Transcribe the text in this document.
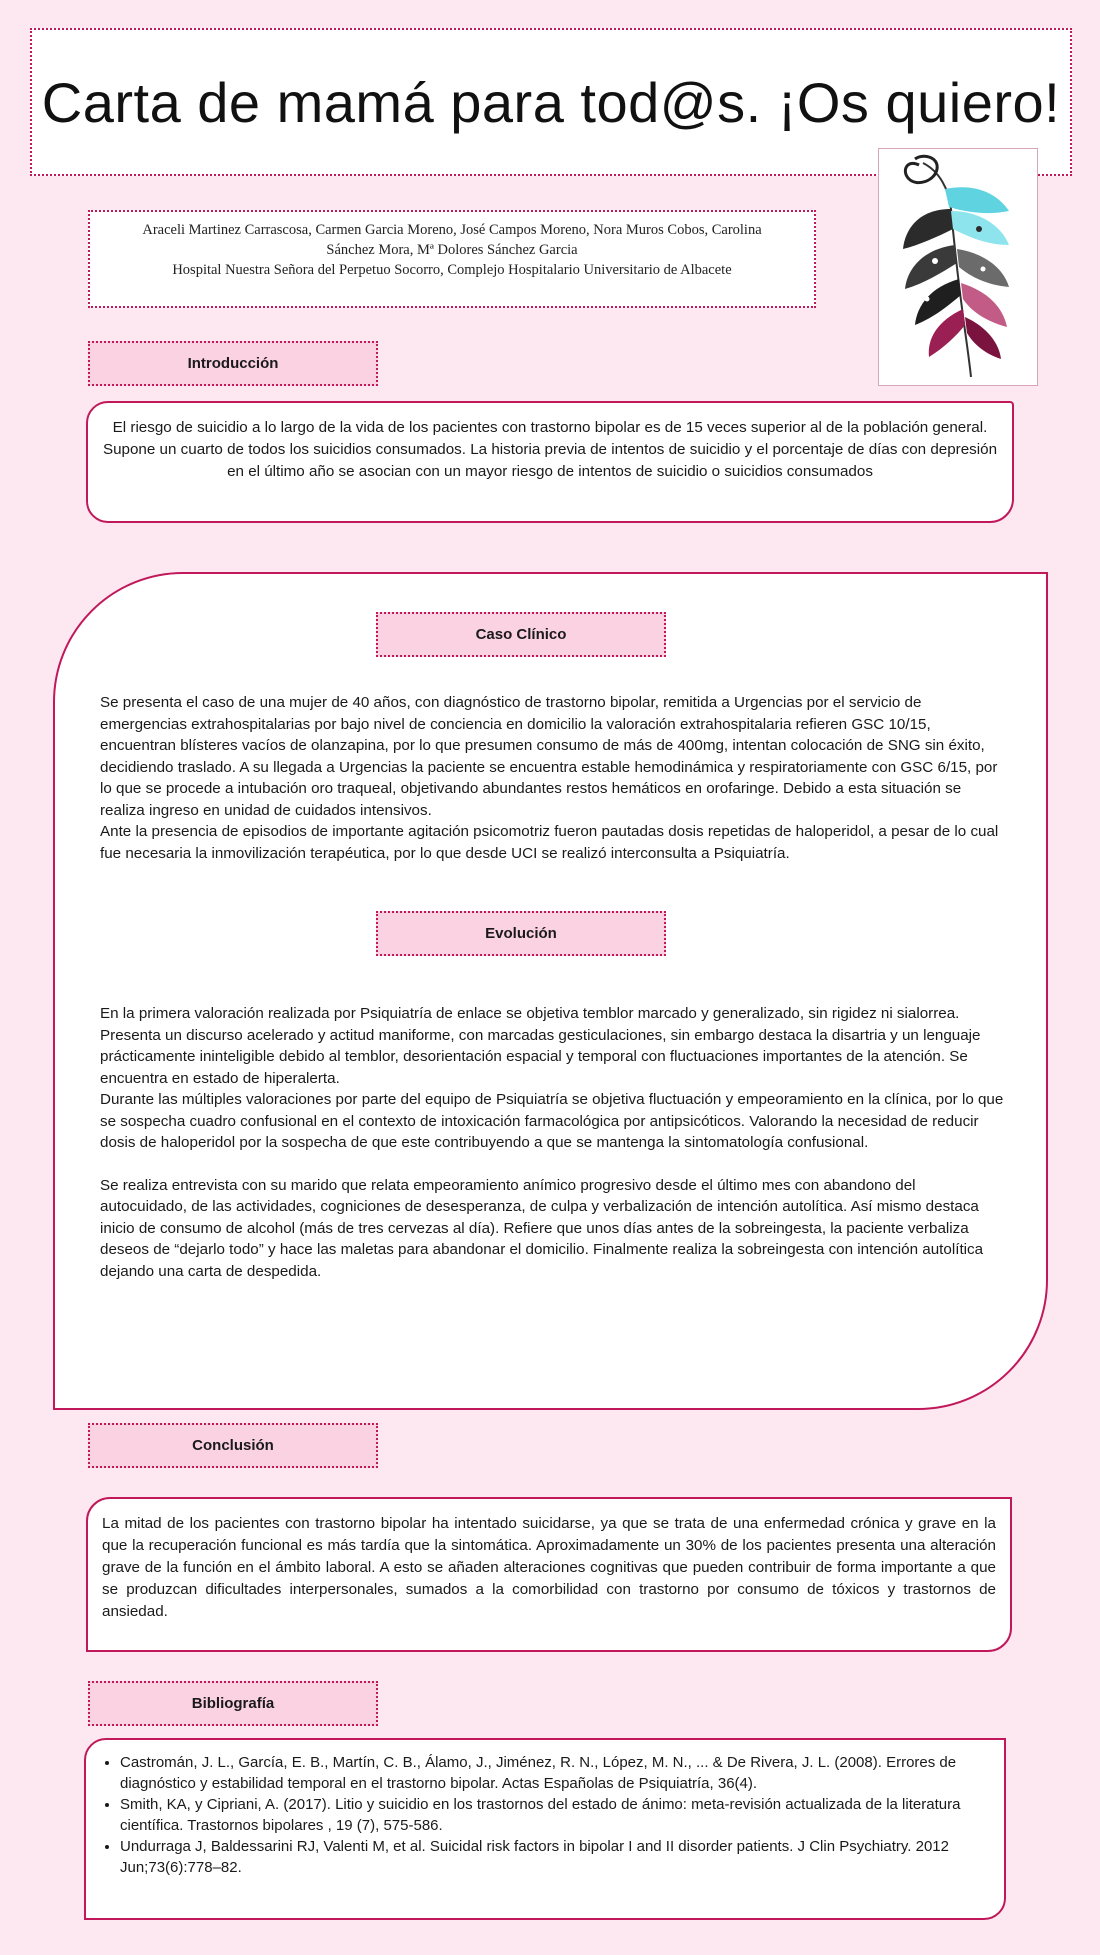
Carta de mamá para tod@s. ¡Os quiero!
Araceli Martinez Carrascosa, Carmen Garcia Moreno, José Campos Moreno, Nora Muros Cobos, Carolina
Sánchez Mora, Mª Dolores Sánchez Garcia
Hospital Nuestra Señora del Perpetuo Socorro, Complejo Hospitalario Universitario de Albacete
Introducción
El riesgo de suicidio a lo largo de la vida de los pacientes con trastorno bipolar es de 15 veces superior al de la población general. Supone un cuarto de todos los suicidios consumados. La historia previa de intentos de suicidio y el porcentaje de días con depresión en el último año se asocian con un mayor riesgo de intentos de suicidio o suicidios consumados
Caso Clínico

Se presenta el caso de una mujer de 40 años, con diagnóstico de trastorno bipolar, remitida a Urgencias por el servicio de emergencias extrahospitalarias por bajo nivel de conciencia en domicilio la valoración extrahospitalaria refieren GSC 10/15, encuentran blísteres vacíos de olanzapina, por lo que presumen consumo de más de 400mg, intentan colocación de SNG sin éxito, decidiendo traslado. A su llegada a Urgencias la paciente se encuentra estable hemodinámica y respiratoriamente con GSC 6/15, por lo que se procede a intubación oro traqueal, objetivando abundantes restos hemáticos en orofaringe. Debido a esta situación se realiza ingreso en unidad de cuidados intensivos.

Ante la presencia de episodios de importante agitación psicomotriz fueron pautadas dosis repetidas de haloperidol, a pesar de lo cual fue necesaria la inmovilización terapéutica, por lo que desde UCI se realizó interconsulta a Psiquiatría.

Evolución

En la primera valoración realizada por Psiquiatría de enlace se objetiva temblor marcado y generalizado, sin rigidez ni sialorrea. Presenta un discurso acelerado y actitud maniforme, con marcadas gesticulaciones, sin embargo destaca la disartria y un lenguaje prácticamente ininteligible debido al temblor, desorientación espacial y temporal con fluctuaciones importantes de la atención. Se encuentra en estado de hiperalerta.

Durante las múltiples valoraciones por parte del equipo de Psiquiatría se objetiva fluctuación y empeoramiento en la clínica, por lo que se sospecha cuadro confusional en el contexto de intoxicación farmacológica por antipsicóticos. Valorando la necesidad de reducir dosis de haloperidol por la sospecha de que este contribuyendo a que se mantenga la sintomatología confusional.

Se realiza entrevista con su marido que relata empeoramiento anímico progresivo desde el último mes con abandono del autocuidado, de las actividades, cogniciones de desesperanza, de culpa y verbalización de intención autolítica. Así mismo destaca inicio de consumo de alcohol (más de tres cervezas al día). Refiere que unos días antes de la sobreingesta, la paciente verbaliza deseos de “dejarlo todo” y hace las maletas para abandonar el domicilio. Finalmente realiza la sobreingesta con intención autolítica dejando una carta de despedida.

Conclusión
La mitad de los pacientes con trastorno bipolar ha intentado suicidarse, ya que se trata de una enfermedad crónica y grave en la que la recuperación funcional es más tardía que la sintomática. Aproximadamente un 30% de los pacientes presenta una alteración grave de la función en el ámbito laboral. A esto se añaden alteraciones cognitivas que pueden contribuir de forma importante a que se produzcan dificultades interpersonales, sumados a la comorbilidad con trastorno por consumo de tóxicos y trastornos de ansiedad.
Bibliografía
• Castromán, J. L., García, E. B., Martín, C. B., Álamo, J., Jiménez, R. N., López, M. N., ... & De Rivera, J. L. (2008). Errores de diagnóstico y estabilidad temporal en el trastorno bipolar. Actas Españolas de Psiquiatría, 36(4).
• Smith, KA, y Cipriani, A. (2017). Litio y suicidio en los trastornos del estado de ánimo: meta-revisión actualizada de la literatura científica. Trastornos bipolares , 19 (7), 575-586.
• Undurraga J, Baldessarini RJ, Valenti M, et al. Suicidal risk factors in bipolar I and II disorder patients. J Clin Psychiatry. 2012 Jun;73(6):778–82.
